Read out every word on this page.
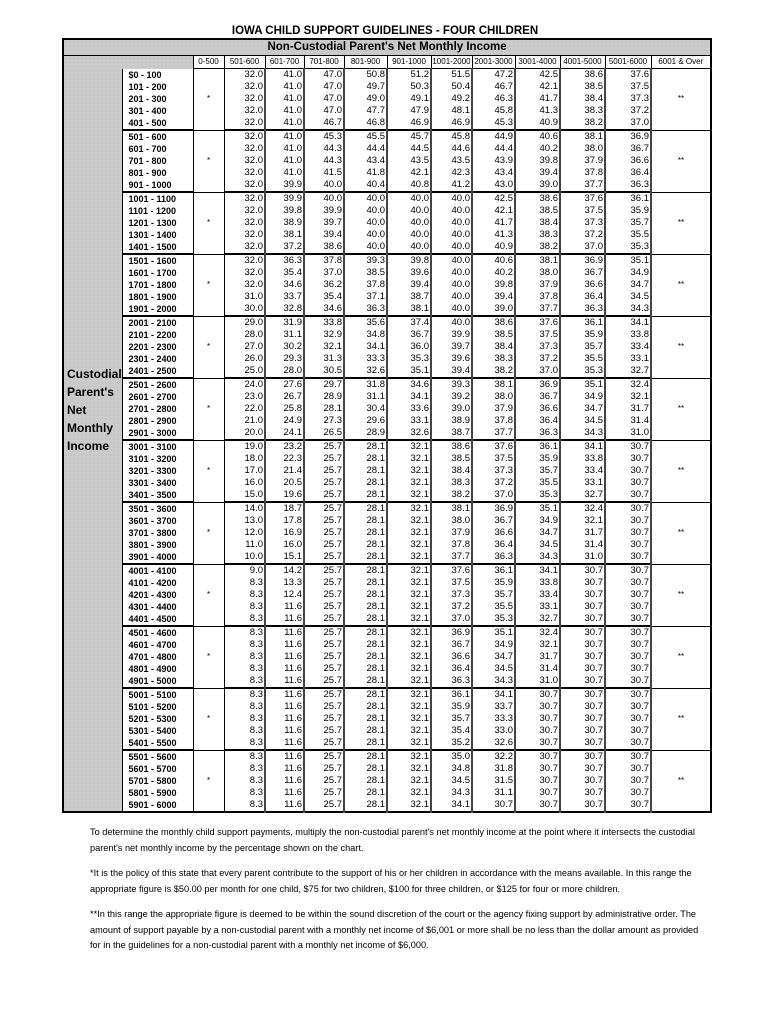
IOWA CHILD SUPPORT GUIDELINES - FOUR CHILDREN
Non-Custodial Parent's Net Monthly Income													
		0-500	501-600	601-700	701-800	801-900	901-1000	1001-2000	2001-3000	3001-4000	4001-5000	5001-6000	6001 & Over

Custodial
Parent's
Net
Monthly
Income	$0 - 100	*	32.0	41.0	47.0	50.8	51.2	51.5	47.2	42.5	38.6	37.6	**
	101 - 200		32.0	41.0	47.0	49.7	50.3	50.4	46.7	42.1	38.5	37.5	
	201 - 300		32.0	41.0	47.0	49.0	49.1	49.2	46.3	41.7	38.4	37.3	
	301 - 400		32.0	41.0	47.0	47.7	47.9	48.1	45.8	41.3	38.3	37.2	
	401 - 500		32.0	41.0	46.7	46.8	46.9	46.9	45.3	40.9	38.2	37.0	
	501 - 600	*	32.0	41.0	45.3	45.5	45.7	45.8	44.9	40.6	38.1	36.9	**
	601 - 700		32.0	41.0	44.3	44.4	44.5	44.6	44.4	40.2	38.0	36.7	
	701 - 800		32.0	41.0	44.3	43.4	43.5	43.5	43.9	39.8	37.9	36.6	
	801 - 900		32.0	41.0	41.5	41.8	42.1	42.3	43.4	39.4	37.8	36.4	
	901 - 1000		32.0	39.9	40.0	40.4	40.8	41.2	43.0	39.0	37.7	36.3	
	1001 - 1100	*	32.0	39.9	40.0	40.0	40.0	40.0	42.5	38.6	37.6	36.1	**
	1101 - 1200		32.0	39.8	39.9	40.0	40.0	40.0	42.1	38.5	37.5	35.9	
	1201 - 1300		32.0	38.9	39.7	40.0	40.0	40.0	41.7	38.4	37.3	35.7	
	1301 - 1400		32.0	38.1	39.4	40.0	40.0	40.0	41.3	38.3	37.2	35.5	
	1401 - 1500		32.0	37.2	38.6	40.0	40.0	40.0	40.9	38.2	37.0	35.3	
	1501 - 1600	*	32.0	36.3	37.8	39.3	39.8	40.0	40.6	38.1	36.9	35.1	**
	1601 - 1700		32.0	35.4	37.0	38.5	39.6	40.0	40.2	38.0	36.7	34.9	
	1701 - 1800		32.0	34.6	36.2	37.8	39.4	40.0	39.8	37.9	36.6	34.7	
	1801 - 1900		31.0	33.7	35.4	37.1	38.7	40.0	39.4	37.8	36.4	34.5	
	1901 - 2000		30.0	32.8	34.6	36.3	38.1	40.0	39.0	37.7	36.3	34.3	
	2001 - 2100	*	29.0	31.9	33.8	35.6	37.4	40.0	38.6	37.6	36.1	34.1	**
	2101 - 2200		28.0	31.1	32.9	34.8	36.7	39.9	38.5	37.5	35.9	33.8	
	2201 - 2300		27.0	30.2	32.1	34.1	36.0	39.7	38.4	37.3	35.7	33.4	
	2301 - 2400		26.0	29.3	31.3	33.3	35.3	39.6	38.3	37.2	35.5	33.1	
	2401 - 2500		25.0	28.0	30.5	32.6	35.1	39.4	38.2	37.0	35.3	32.7	
	2501 - 2600	*	24.0	27.6	29.7	31.8	34.6	39.3	38.1	36.9	35.1	32.4	**
	2601 - 2700		23.0	26.7	28.9	31.1	34.1	39.2	38.0	36.7	34.9	32.1	
	2701 - 2800		22.0	25.8	28.1	30.4	33.6	39.0	37.9	36.6	34.7	31.7	
	2801 - 2900		21.0	24.9	27.3	29.6	33.1	38.9	37.8	36.4	34.5	31.4	
	2901 - 3000		20.0	24.1	26.5	28.9	32.6	38.7	37.7	36.3	34.3	31.0	
	3001 - 3100	*	19.0	23.2	25.7	28.1	32.1	38.6	37.6	36.1	34.1	30.7	**
	3101 - 3200		18.0	22.3	25.7	28.1	32.1	38.5	37.5	35.9	33.8	30.7	
	3201 - 3300		17.0	21.4	25.7	28.1	32.1	38.4	37.3	35.7	33.4	30.7	
	3301 - 3400		16.0	20.5	25.7	28.1	32.1	38.3	37.2	35.5	33.1	30.7	
	3401 - 3500		15.0	19.6	25.7	28.1	32.1	38.2	37.0	35.3	32.7	30.7	
	3501 - 3600	*	14.0	18.7	25.7	28.1	32.1	38.1	36.9	35.1	32.4	30.7	**
	3601 - 3700		13.0	17.8	25.7	28.1	32.1	38.0	36.7	34.9	32.1	30.7	
	3701 - 3800		12.0	16.9	25.7	28.1	32.1	37.9	36.6	34.7	31.7	30.7	
	3801 - 3900		11.0	16.0	25.7	28.1	32.1	37.8	36.4	34.5	31.4	30.7	
	3901 - 4000		10.0	15.1	25.7	28.1	32.1	37.7	36.3	34.3	31.0	30.7	
	4001 - 4100	*	9.0	14.2	25.7	28.1	32.1	37.6	36.1	34.1	30.7	30.7	**
	4101 - 4200		8.3	13.3	25.7	28.1	32.1	37.5	35.9	33.8	30.7	30.7	
	4201 - 4300		8.3	12.4	25.7	28.1	32.1	37.3	35.7	33.4	30.7	30.7	
	4301 - 4400		8.3	11.6	25.7	28.1	32.1	37.2	35.5	33.1	30.7	30.7	
	4401 - 4500		8.3	11.6	25.7	28.1	32.1	37.0	35.3	32.7	30.7	30.7	
	4501 - 4600	*	8.3	11.6	25.7	28.1	32.1	36.9	35.1	32.4	30.7	30.7	**
	4601 - 4700		8.3	11.6	25.7	28.1	32.1	36.7	34.9	32.1	30.7	30.7	
	4701 - 4800		8.3	11.6	25.7	28.1	32.1	36.6	34.7	31.7	30.7	30.7	
	4801 - 4900		8.3	11.6	25.7	28.1	32.1	36.4	34.5	31.4	30.7	30.7	
	4901 - 5000		8.3	11.6	25.7	28.1	32.1	36.3	34.3	31.0	30.7	30.7	
	5001 - 5100	*	8.3	11.6	25.7	28.1	32.1	36.1	34.1	30.7	30.7	30.7	**
	5101 - 5200		8.3	11.6	25.7	28.1	32.1	35.9	33.7	30.7	30.7	30.7	
	5201 - 5300		8.3	11.6	25.7	28.1	32.1	35.7	33.3	30.7	30.7	30.7	
	5301 - 5400		8.3	11.6	25.7	28.1	32.1	35.4	33.0	30.7	30.7	30.7	
	5401 - 5500		8.3	11.6	25.7	28.1	32.1	35.2	32.6	30.7	30.7	30.7	
	5501 - 5600	*	8.3	11.6	25.7	28.1	32.1	35.0	32.2	30.7	30.7	30.7	**
	5601 - 5700		8.3	11.6	25.7	28.1	32.1	34.8	31.8	30.7	30.7	30.7	
	5701 - 5800		8.3	11.6	25.7	28.1	32.1	34.5	31.5	30.7	30.7	30.7	
	5801 - 5900		8.3	11.6	25.7	28.1	32.1	34.3	31.1	30.7	30.7	30.7	
	5901 - 6000		8.3	11.6	25.7	28.1	32.1	34.1	30.7	30.7	30.7	30.7	

To determine the monthly child support payments, multiply the non-custodial parent's net monthly income at the point where it intersects the custodial parent's net monthly income by the percentage shown on the chart.

*It is the policy of this state that every parent contribute to the support of his or her children in accordance with the means available. In this range the appropriate figure is $50.00 per month for one child, $75 for two children, $100 for three children, or $125 for four or more children.

**In this range the appropriate figure is deemed to be within the sound discretion of the court or the agency fixing support by administrative order. The amount of support payable by a non-custodial parent with a monthly net income of $6,001 or more shall be no less than the dollar amount as provided for in the guidelines for a non-custodial parent with a monthly net income of $6,000.
